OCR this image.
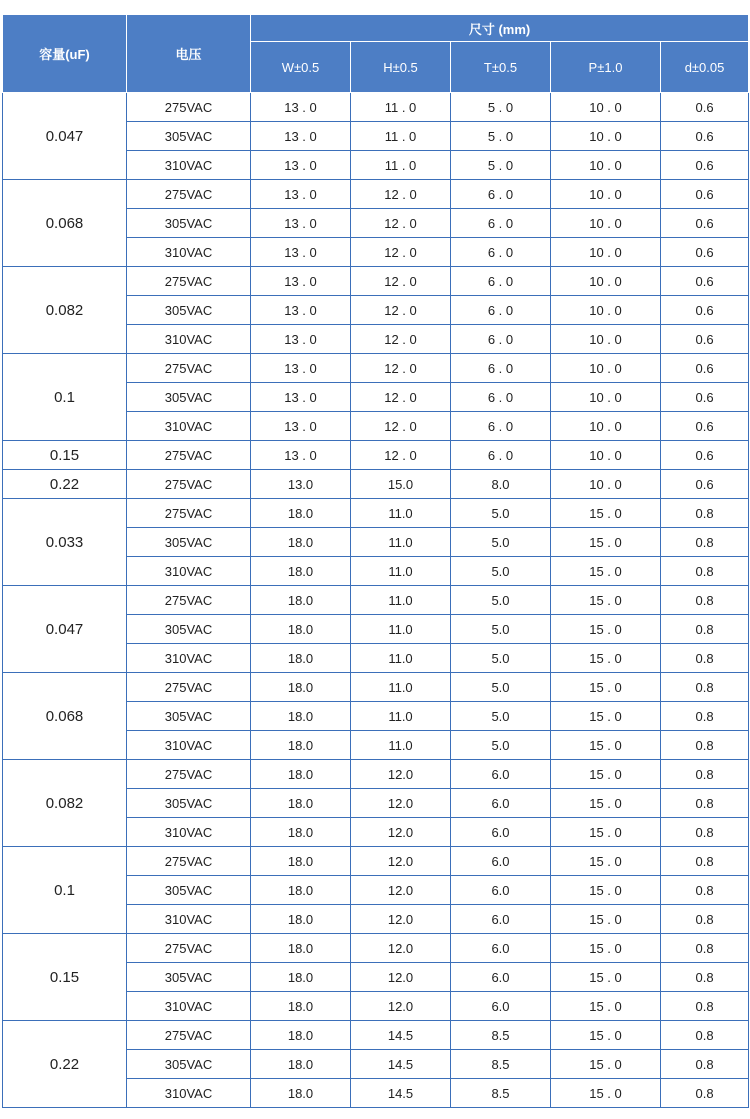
容量(uF)	电压	尺寸 (mm)				
		W±0.5	H±0.5	T±0.5	P±1.0	d±0.05
0.047	275VAC	13 . 0	11 . 0	5 . 0	10 . 0	0.6
	305VAC	13 . 0	11 . 0	5 . 0	10 . 0	0.6
	310VAC	13 . 0	11 . 0	5 . 0	10 . 0	0.6
0.068	275VAC	13 . 0	12 . 0	6 . 0	10 . 0	0.6
	305VAC	13 . 0	12 . 0	6 . 0	10 . 0	0.6
	310VAC	13 . 0	12 . 0	6 . 0	10 . 0	0.6
0.082	275VAC	13 . 0	12 . 0	6 . 0	10 . 0	0.6
	305VAC	13 . 0	12 . 0	6 . 0	10 . 0	0.6
	310VAC	13 . 0	12 . 0	6 . 0	10 . 0	0.6
0.1	275VAC	13 . 0	12 . 0	6 . 0	10 . 0	0.6
	305VAC	13 . 0	12 . 0	6 . 0	10 . 0	0.6
	310VAC	13 . 0	12 . 0	6 . 0	10 . 0	0.6
0.15	275VAC	13 . 0	12 . 0	6 . 0	10 . 0	0.6
0.22	275VAC	13.0	15.0	8.0	10 . 0	0.6
0.033	275VAC	18.0	11.0	5.0	15 . 0	0.8
	305VAC	18.0	11.0	5.0	15 . 0	0.8
	310VAC	18.0	11.0	5.0	15 . 0	0.8
0.047	275VAC	18.0	11.0	5.0	15 . 0	0.8
	305VAC	18.0	11.0	5.0	15 . 0	0.8
	310VAC	18.0	11.0	5.0	15 . 0	0.8
0.068	275VAC	18.0	11.0	5.0	15 . 0	0.8
	305VAC	18.0	11.0	5.0	15 . 0	0.8
	310VAC	18.0	11.0	5.0	15 . 0	0.8
0.082	275VAC	18.0	12.0	6.0	15 . 0	0.8
	305VAC	18.0	12.0	6.0	15 . 0	0.8
	310VAC	18.0	12.0	6.0	15 . 0	0.8
0.1	275VAC	18.0	12.0	6.0	15 . 0	0.8
	305VAC	18.0	12.0	6.0	15 . 0	0.8
	310VAC	18.0	12.0	6.0	15 . 0	0.8
0.15	275VAC	18.0	12.0	6.0	15 . 0	0.8
	305VAC	18.0	12.0	6.0	15 . 0	0.8
	310VAC	18.0	12.0	6.0	15 . 0	0.8
0.22	275VAC	18.0	14.5	8.5	15 . 0	0.8
	305VAC	18.0	14.5	8.5	15 . 0	0.8
	310VAC	18.0	14.5	8.5	15 . 0	0.8
